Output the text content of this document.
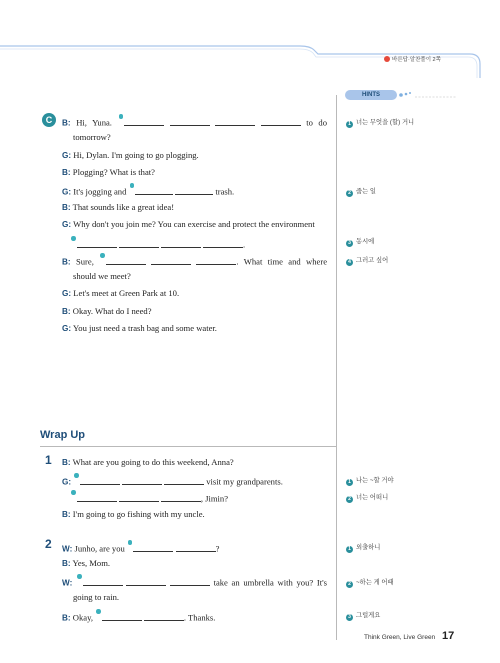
바른답·알찬풀이 2쪽
HINTS
C	B: Hi, Yuna.	to do
tomorrow?
G: Hi, Dylan. I'm going to go plogging.
B: Plogging? What is that?
G: It's jogging and	trash.
B: That sounds like a great idea!
G: Why don't you join me? You can exercise and protect the environment
.
B: Sure,	. What time and where
should we meet?
G: Let's meet at Green Park at 10.
B: Okay. What do I need?
G: You just need a trash bag and some water.
Wrap Up
1 B: What are you going to do this weekend, Anna?
G:	visit my grandparents.
, Jimin?
B: I'm going to go fishing with my uncle.
2 W: Junho, are you	?
B: Yes, Mom.
W:	take an umbrella with you? It's
going to rain.
B: Okay,	. Thanks.
1 너는 무엇을 (할) 거니
2 줍는 일
3 동시에
4 그러고 싶어
1 나는 ~할 거야
2 너는 어떠니
1 외출하니
2 ~하는 게 어때
3 그럴게요
Think Green, Live Green 17
